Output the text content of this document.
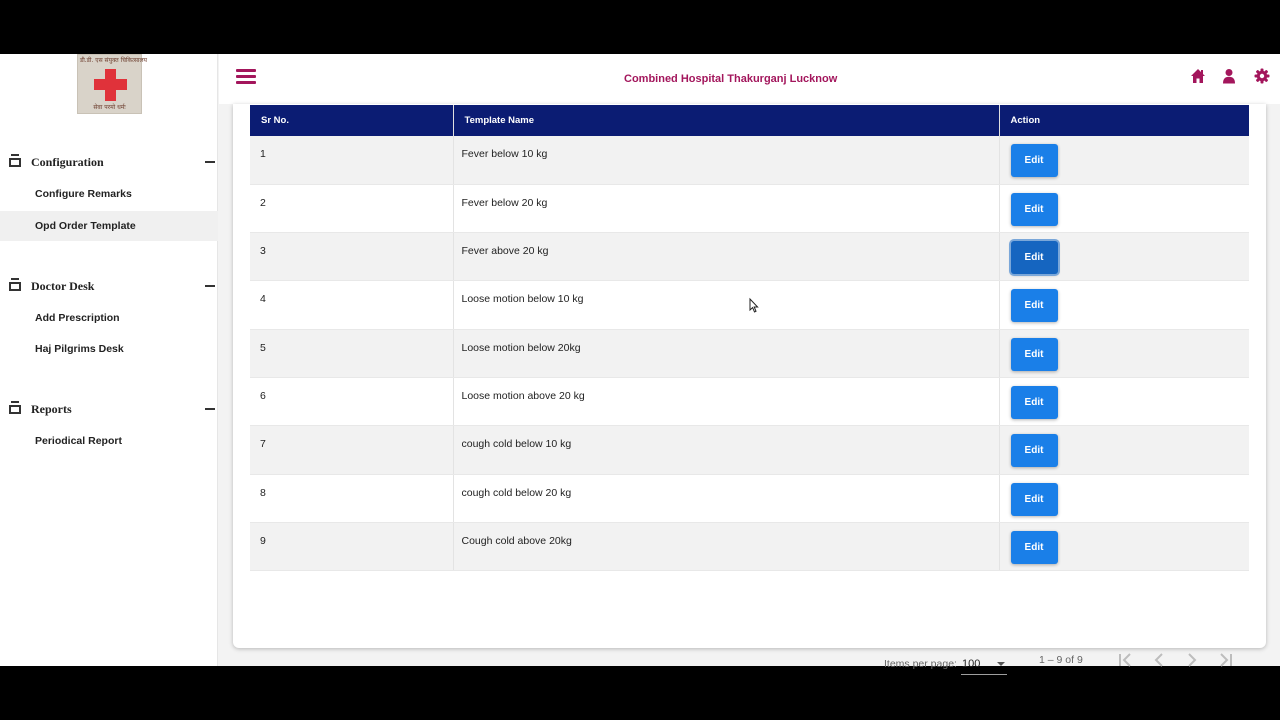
डी.डी. एस संयुक्त चिकित्सालय
सेवा परमो धर्मः
Configuration
Configure Remarks
Opd Order Template
Doctor Desk
Add Prescription
Haj Pilgrims Desk
Reports
Periodical Report
Combined Hospital Thakurganj Lucknow
Sr No.	Template Name	Action
1	Fever below 10 kg	Edit
2	Fever below 20 kg	Edit
3	Fever above 20 kg	Edit
4	Loose motion below 10 kg	Edit
5	Loose motion below 20kg	Edit
6	Loose motion above 20 kg	Edit
7	cough cold below 10 kg	Edit
8	cough cold below 20 kg	Edit
9	Cough cold above 20kg	Edit
Items per page: 100	1 – 9 of 9
